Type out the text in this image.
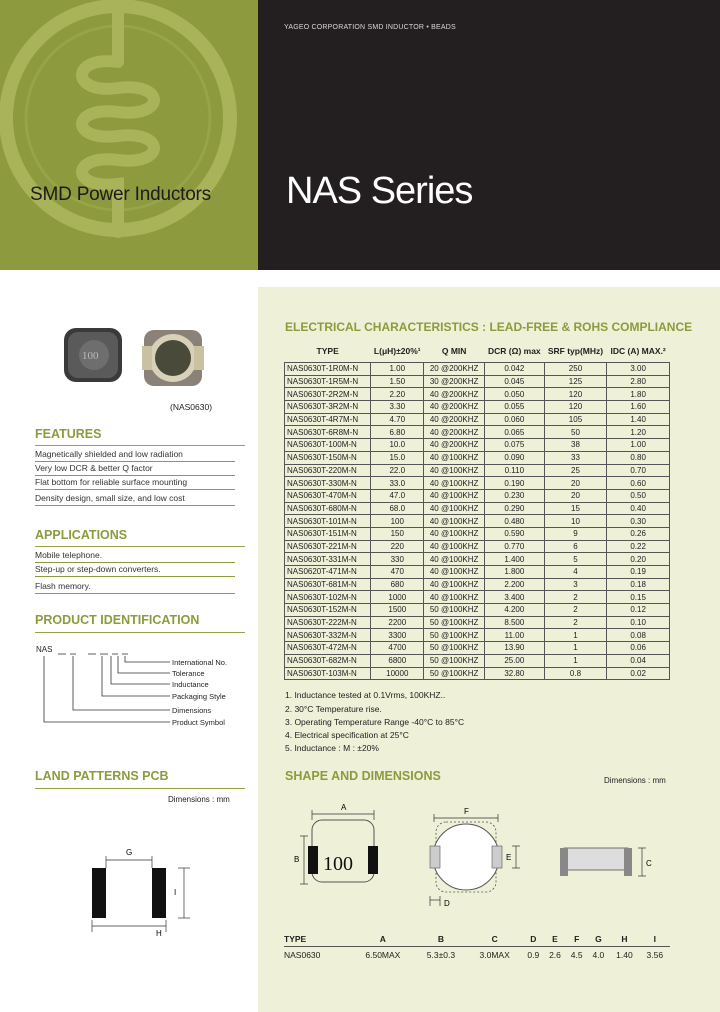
SMD Power Inductors
YAGEO CORPORATION SMD INDUCTOR • BEADS
NAS Series
100
(NAS0630)
FEATURES
Magnetically shielded and low radiation
Very low DCR & better Q factor
Flat bottom for reliable surface mounting
Density design, small size, and low cost
APPLICATIONS
Mobile telephone.
Step-up or step-down converters.
Flash memory.
PRODUCT IDENTIFICATION
NAS
International No.
Tolerance
Inductance
Packaging Style
Dimensions
Product Symbol
LAND PATTERNS PCB
Dimensions : mm
G
H
I
ELECTRICAL CHARACTERISTICS : LEAD-FREE & ROHS COMPLIANCE
TYPE	L(μH)±20%¹	Q MIN	DCR (Ω) max	SRF typ(MHz)	IDC (A) MAX.²
NAS0630T-1R0M-N	1.00	20 @200KHZ	0.042	250	3.00
NAS0630T-1R5M-N	1.50	30 @200KHZ	0.045	125	2.80
NAS0630T-2R2M-N	2.20	40 @200KHZ	0.050	120	1.80
NAS0630T-3R2M-N	3.30	40 @200KHZ	0.055	120	1.60
NAS0630T-4R7M-N	4.70	40 @200KHZ	0.060	105	1.40
NAS0630T-6R8M-N	6.80	40 @200KHZ	0.065	50	1.20
NAS0630T-100M-N	10.0	40 @200KHZ	0.075	38	1.00
NAS0630T-150M-N	15.0	40 @100KHZ	0.090	33	0.80
NAS0630T-220M-N	22.0	40 @100KHZ	0.110	25	0.70
NAS0630T-330M-N	33.0	40 @100KHZ	0.190	20	0.60
NAS0630T-470M-N	47.0	40 @100KHZ	0.230	20	0.50
NAS0630T-680M-N	68.0	40 @100KHZ	0.290	15	0.40
NAS0630T-101M-N	100	40 @100KHZ	0.480	10	0.30
NAS0630T-151M-N	150	40 @100KHZ	0.590	9	0.26
NAS0630T-221M-N	220	40 @100KHZ	0.770	6	0.22
NAS0630T-331M-N	330	40 @100KHZ	1.400	5	0.20
NAS0620T-471M-N	470	40 @100KHZ	1.800	4	0.19
NAS0630T-681M-N	680	40 @100KHZ	2.200	3	0.18
NAS0630T-102M-N	1000	40 @100KHZ	3.400	2	0.15
NAS0630T-152M-N	1500	50 @100KHZ	4.200	2	0.12
NAS0630T-222M-N	2200	50 @100KHZ	8.500	2	0.10
NAS0630T-332M-N	3300	50 @100KHZ	11.00	1	0.08
NAS0630T-472M-N	4700	50 @100KHZ	13.90	1	0.06
NAS0630T-682M-N	6800	50 @100KHZ	25.00	1	0.04
NAS0630T-103M-N	10000	50 @100KHZ	32.80	0.8	0.02
1. Inductance tested at 0.1Vrms, 100KHZ..
2. 30°C Temperature rise.
3. Operating Temperature Range -40°C to 85°C
4. Electrical specification at 25°C
5. Inductance : M : ±20%
SHAPE AND DIMENSIONS	Dimensions : mm
100
A
B
F
E
D
C
TYPE	A	B	C	D	E	F	G	H	I
NAS0630	6.50MAX	5.3±0.3	3.0MAX	0.9	2.6	4.5	4.0	1.40	3.56
